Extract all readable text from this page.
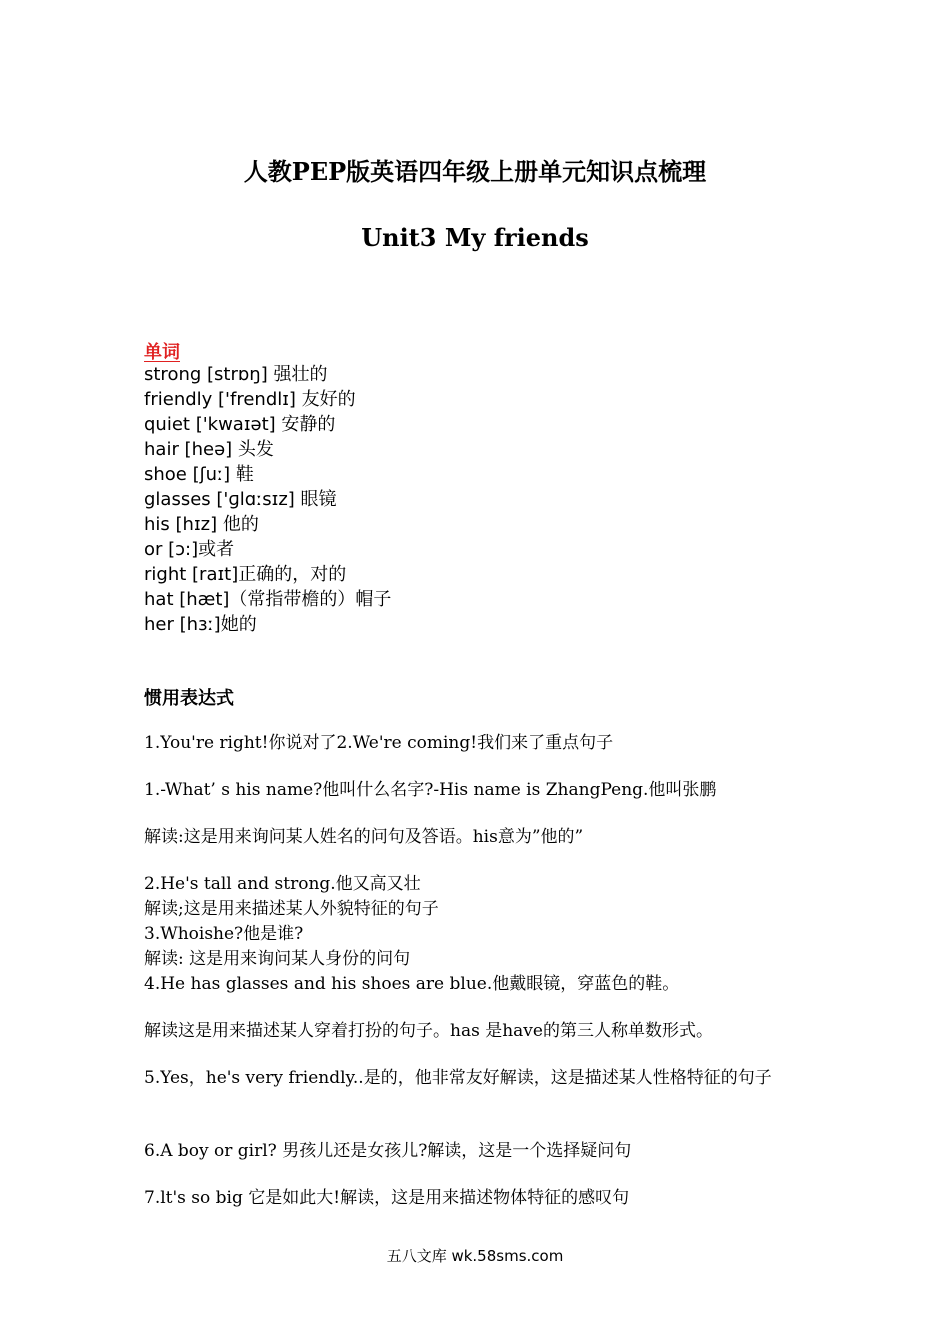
人教PEP版英语四年级上册单元知识点梳理
Unit3 My friends
单词
strong [strɒŋ] 强壮的
friendly ['frendlɪ] 友好的
quiet ['kwaɪət] 安静的
hair [heə] 头发
shoe [ʃuː] 鞋
glasses ['ɡlɑːsɪz] 眼镜
his [hɪz] 他的
or [ɔ:]或者
right [raɪt]正确的，对的
hat [hæt]（常指带檐的）帽子
her [hɜː]她的
惯用表达式

1.You're right!你说对了2.We're coming!我们来了重点句子

1.-What’ s his name?他叫什么名字?-His name is ZhangPeng.他叫张鹏

解读:这是用来询问某人姓名的问句及答语。his意为”他的”

2.He's tall and strong.他又高又壮

解读;这是用来描述某人外貌特征的句子

3.Whoishe?他是谁?

解读: 这是用来询问某人身份的问句

4.He has glasses and his shoes are blue.他戴眼镜，穿蓝色的鞋。

解读这是用来描述某人穿着打扮的句子。has 是have的第三人称单数形式。

5.Yes，he's very friendly..是的，他非常友好解读，这是描述某人性格特征的句子

6.A boy or girl? 男孩儿还是女孩儿?解读，这是一个选择疑问句

7.lt's so big 它是如此大!解读，这是用来描述物体特征的感叹句

五八文库 wk.58sms.com
